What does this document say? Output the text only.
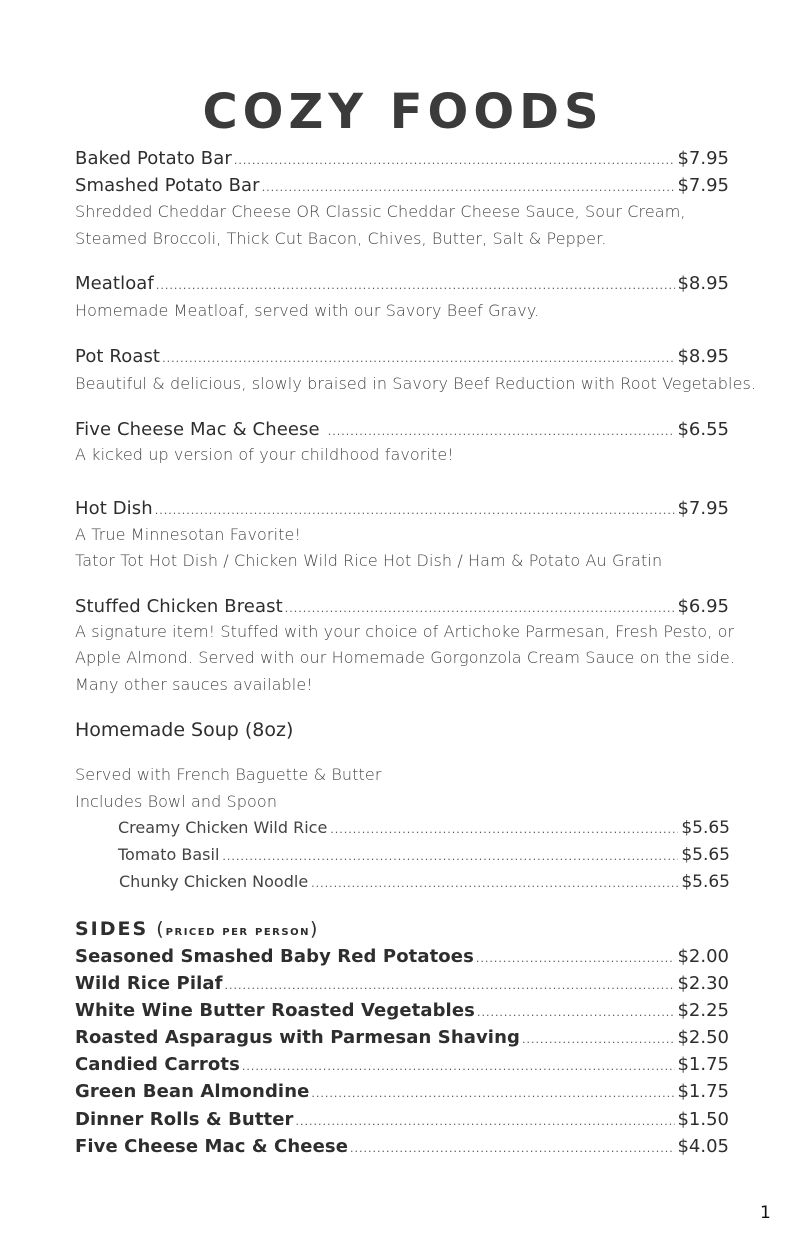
COZY FOODS
Baked Potato Bar .....	$7.95
Smashed Potato Bar .....	$7.95
Shredded Cheddar Cheese OR Classic Cheddar Cheese Sauce, Sour Cream,
Steamed Broccoli, Thick Cut Bacon, Chives, Butter, Salt & Pepper.
Meatloaf .....	$8.95
Homemade Meatloaf, served with our Savory Beef Gravy.
Pot Roast .....	$8.95
Beautiful & delicious, slowly braised in Savory Beef Reduction with Root Vegetables.
Five Cheese Mac & Cheese .....	$6.55
A kicked up version of your childhood favorite!
Hot Dish .....	$7.95
A True Minnesotan Favorite!
Tator Tot Hot Dish / Chicken Wild Rice Hot Dish / Ham & Potato Au Gratin
Stuffed Chicken Breast .....	$6.95
A signature item! Stuffed with your choice of Artichoke Parmesan, Fresh Pesto, or
Apple Almond. Served with our Homemade Gorgonzola Cream Sauce on the side.
Many other sauces available!
Homemade Soup (8oz)
Served with French Baguette & Butter
Includes Bowl and Spoon
Creamy Chicken Wild Rice .....	$5.65
Tomato Basil .....	$5.65
Chunky Chicken Noodle .....	$5.65
SIDES (priced per person)
Seasoned Smashed Baby Red Potatoes .....	$2.00
Wild Rice Pilaf .....	$2.30
White Wine Butter Roasted Vegetables .....	$2.25
Roasted Asparagus with Parmesan Shaving .....	$2.50
Candied Carrots .....	$1.75
Green Bean Almondine .....	$1.75
Dinner Rolls & Butter .....	$1.50
Five Cheese Mac & Cheese .....	$4.05
1
